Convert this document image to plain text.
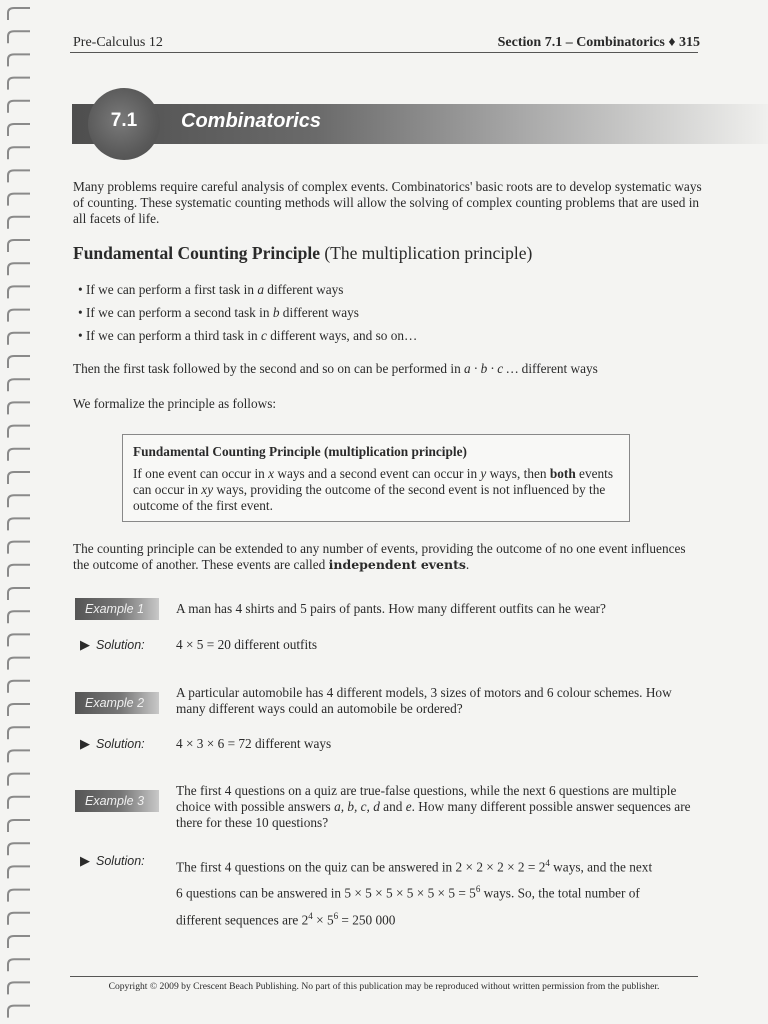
Pre-Calculus 12	Section 7.1 – Combinatorics ♦ 315
7.1	Combinatorics
Many problems require careful analysis of complex events. Combinatorics' basic roots are to develop systematic ways of counting. These systematic counting methods will allow the solving of complex counting problems that are used in all facets of life.
Fundamental Counting Principle (The multiplication principle)
• If we can perform a first task in a different ways
• If we can perform a second task in b different ways
• If we can perform a third task in c different ways, and so on…
Then the first task followed by the second and so on can be performed in a · b · c … different ways
We formalize the principle as follows:
Fundamental Counting Principle (multiplication principle)
If one event can occur in x ways and a second event can occur in y ways, then both events can occur in xy ways, providing the outcome of the second event is not influenced by the outcome of the first event.
The counting principle can be extended to any number of events, providing the outcome of no one event influences the outcome of another. These events are called independent events.
Example 1	A man has 4 shirts and 5 pairs of pants. How many different outfits can he wear?
▶ Solution: 4 × 5 = 20 different outfits
Example 2
A particular automobile has 4 different models, 3 sizes of motors and 6 colour schemes. How many different ways could an automobile be ordered?
▶ Solution: 4 × 3 × 6 = 72 different ways
Example 3
The first 4 questions on a quiz are true-false questions, while the next 6 questions are multiple choice with possible answers a, b, c, d and e. How many different possible answer sequences are there for these 10 questions?
▶ Solution: The first 4 questions on the quiz can be answered in $2 \times 2 \times 2 \times 2 = 2^4$ ways, and the next
6 questions can be answered in $5 \times 5 \times 5 \times 5 \times 5 \times 5 = 5^6$ ways. So, the total number of
different sequences are $2^4 \times 5^6 = 250$ 000
Copyright © 2009 by Crescent Beach Publishing. No part of this publication may be reproduced without written permission from the publisher.
